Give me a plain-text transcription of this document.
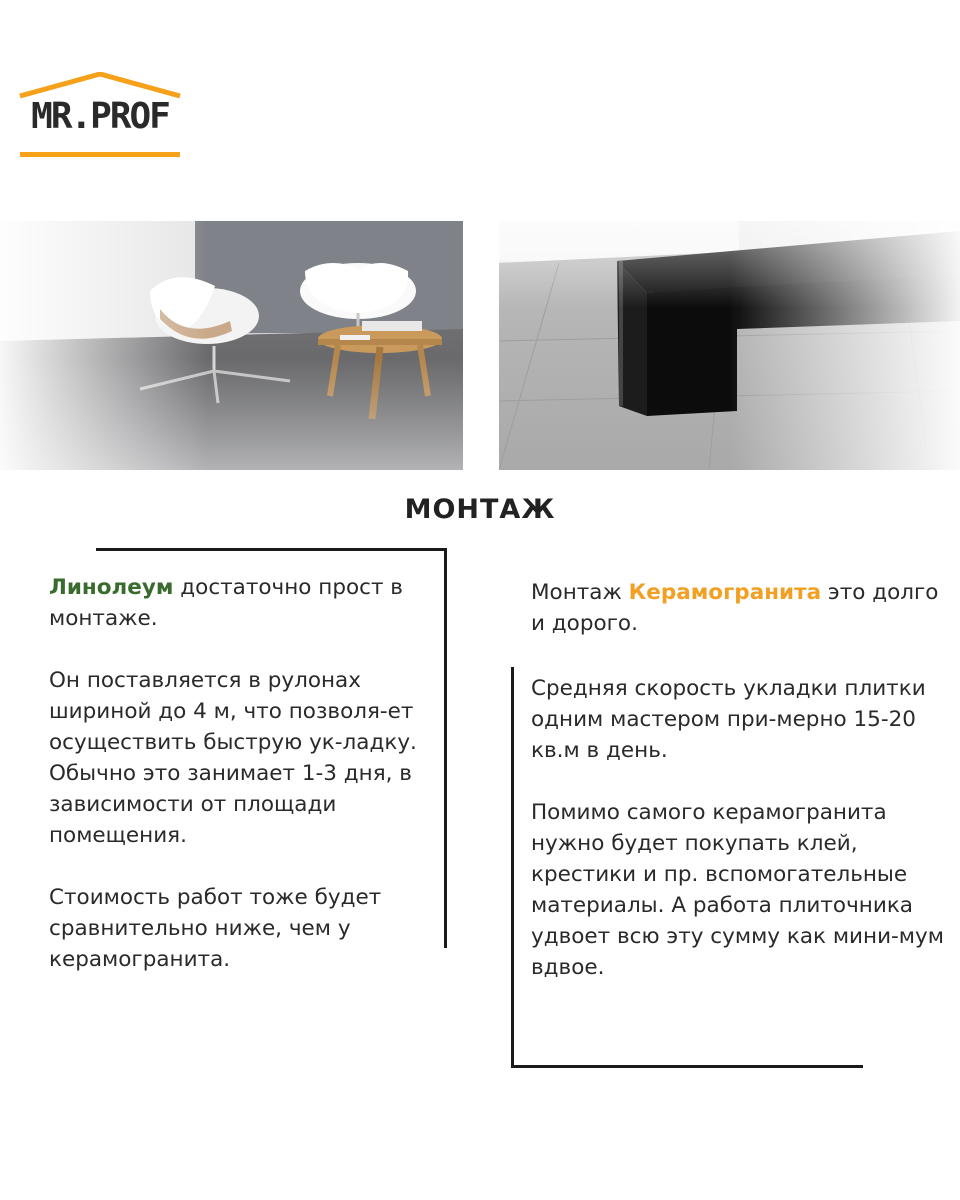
MR.PROF
МОНТАЖ

Линолеум достаточно прост в монтаже.

Он поставляется в рулонах шириной до 4 м, что позволя-ет осуществить быструю ук-ладку. Обычно это занимает 1-3 дня, в зависимости от площади помещения.

Стоимость работ тоже будет сравнительно ниже, чем у керамогранита.

Монтаж Керамогранита это долго и дорого.

Средняя скорость укладки плитки одним мастером при-мерно 15-20 кв.м в день.

Помимо самого керамогранита нужно будет покупать клей, крестики и пр. вспомогательные материалы. А работа плиточника удвоет всю эту сумму как мини-мум вдвое.
